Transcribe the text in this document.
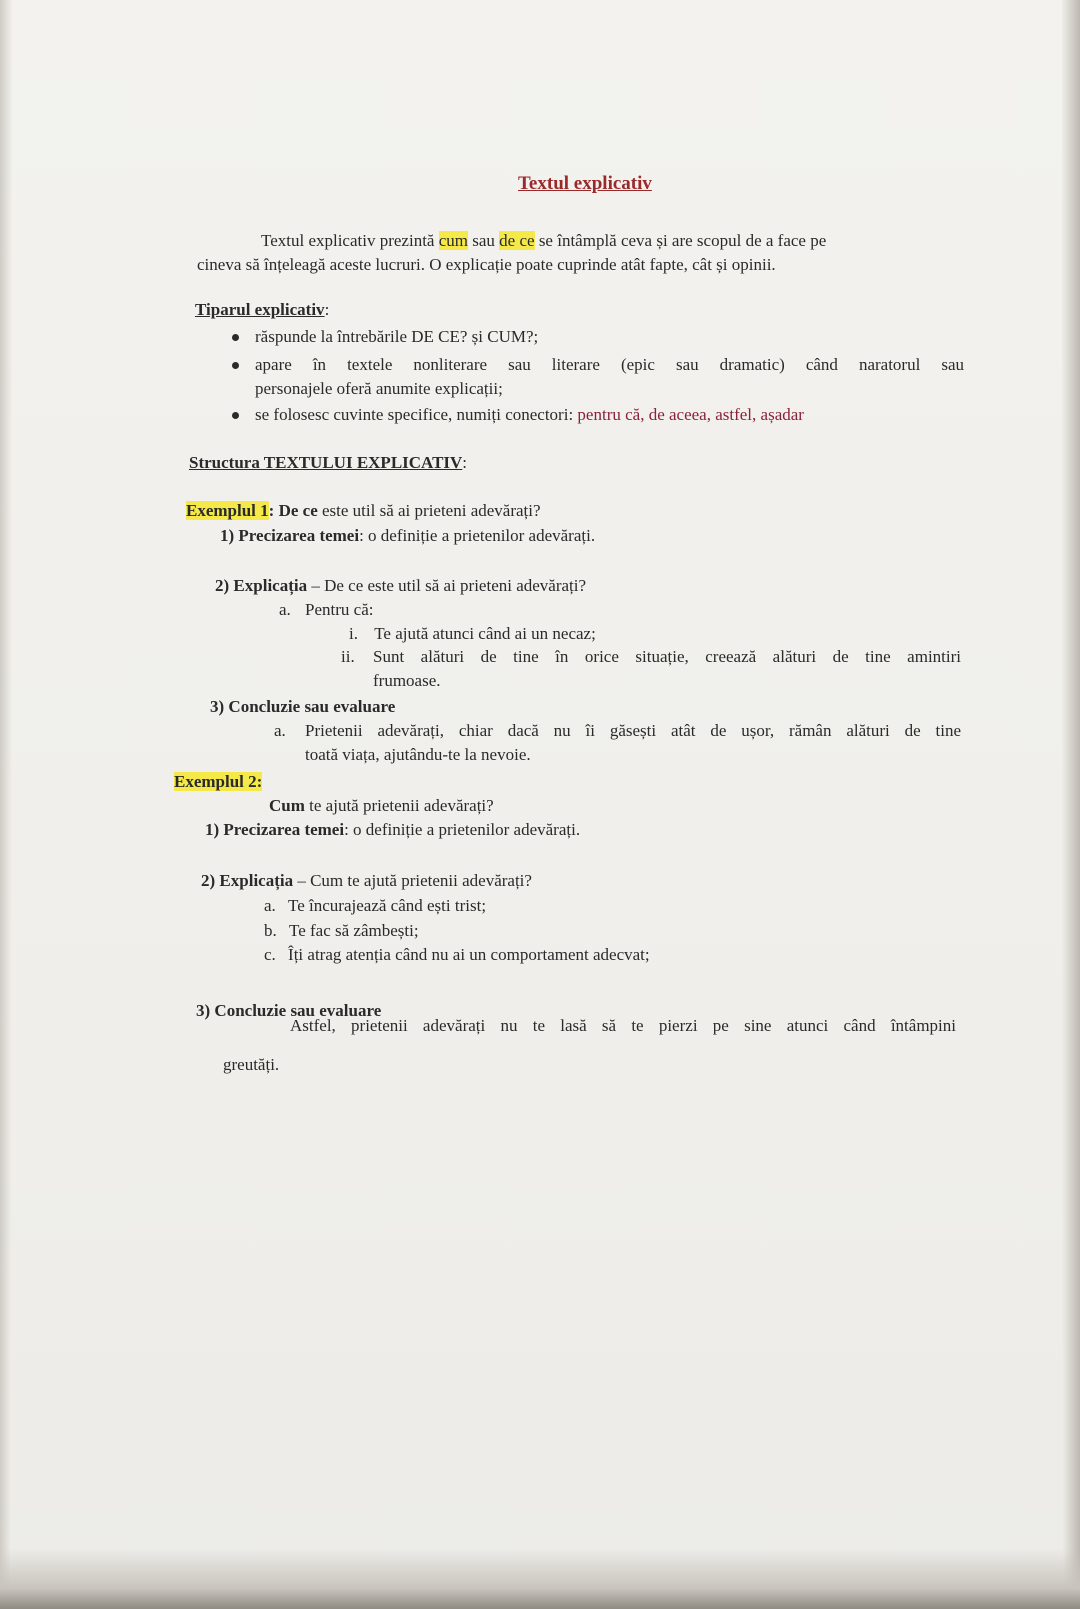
Textul explicativ
Textul explicativ prezintă cum sau de ce se întâmplă ceva și are scopul de a face pe
cineva să înțeleagă aceste lucruri. O explicație poate cuprinde atât fapte, cât și opinii.
Tiparul explicativ:
răspunde la întrebările DE CE? și CUM?;
apare în textele nonliterare sau literare (epic sau dramatic) când naratorul sau
personajele oferă anumite explicații;
se folosesc cuvinte specifice, numiți conectori: pentru că, de aceea, astfel, așadar
Structura TEXTULUI EXPLICATIV:
Exemplul 1: De ce este util să ai prieteni adevărați?
1) Precizarea temei: o definiție a prietenilor adevărați.
2) Explicația – De ce este util să ai prieteni adevărați?
a. Pentru că:
i. Te ajută atunci când ai un necaz;
ii. Sunt alături de tine în orice situație, creează alături de tine amintiri
frumoase.
3) Concluzie sau evaluare
a. Prietenii adevărați, chiar dacă nu îi găsești atât de ușor, rămân alături de tine
toată viața, ajutându-te la nevoie.
Exemplul 2:
Cum te ajută prietenii adevărați?
1) Precizarea temei: o definiție a prietenilor adevărați.
2) Explicația – Cum te ajută prietenii adevărați?
a. Te încurajează când ești trist;
b. Te fac să zâmbești;
c. Îți atrag atenția când nu ai un comportament adecvat;
3) Concluzie sau evaluare
Astfel, prietenii adevărați nu te lasă să te pierzi pe sine atunci când întâmpini
greutăți.
